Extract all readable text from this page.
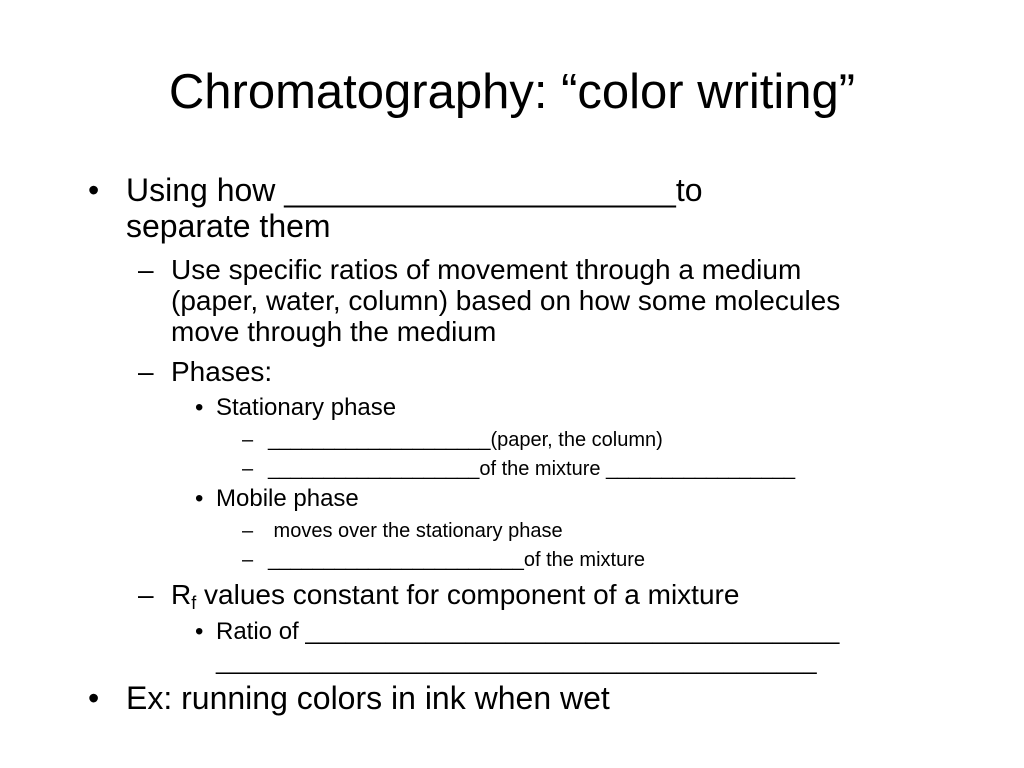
Chromatography: “color writing”
• Using how ______________________to
separate them
– Use specific ratios of movement through a medium
(paper, water, column) based on how some molecules
move through the medium
– Phases:
• Stationary phase
– ____________________(paper, the column)
– ___________________of the mixture _________________
• Mobile phase
– moves over the stationary phase
– _______________________of the mixture
– $R_f$ values constant for component of a mixture
• Ratio of ________________________________________
_____________________________________________
• Ex: running colors in ink when wet
